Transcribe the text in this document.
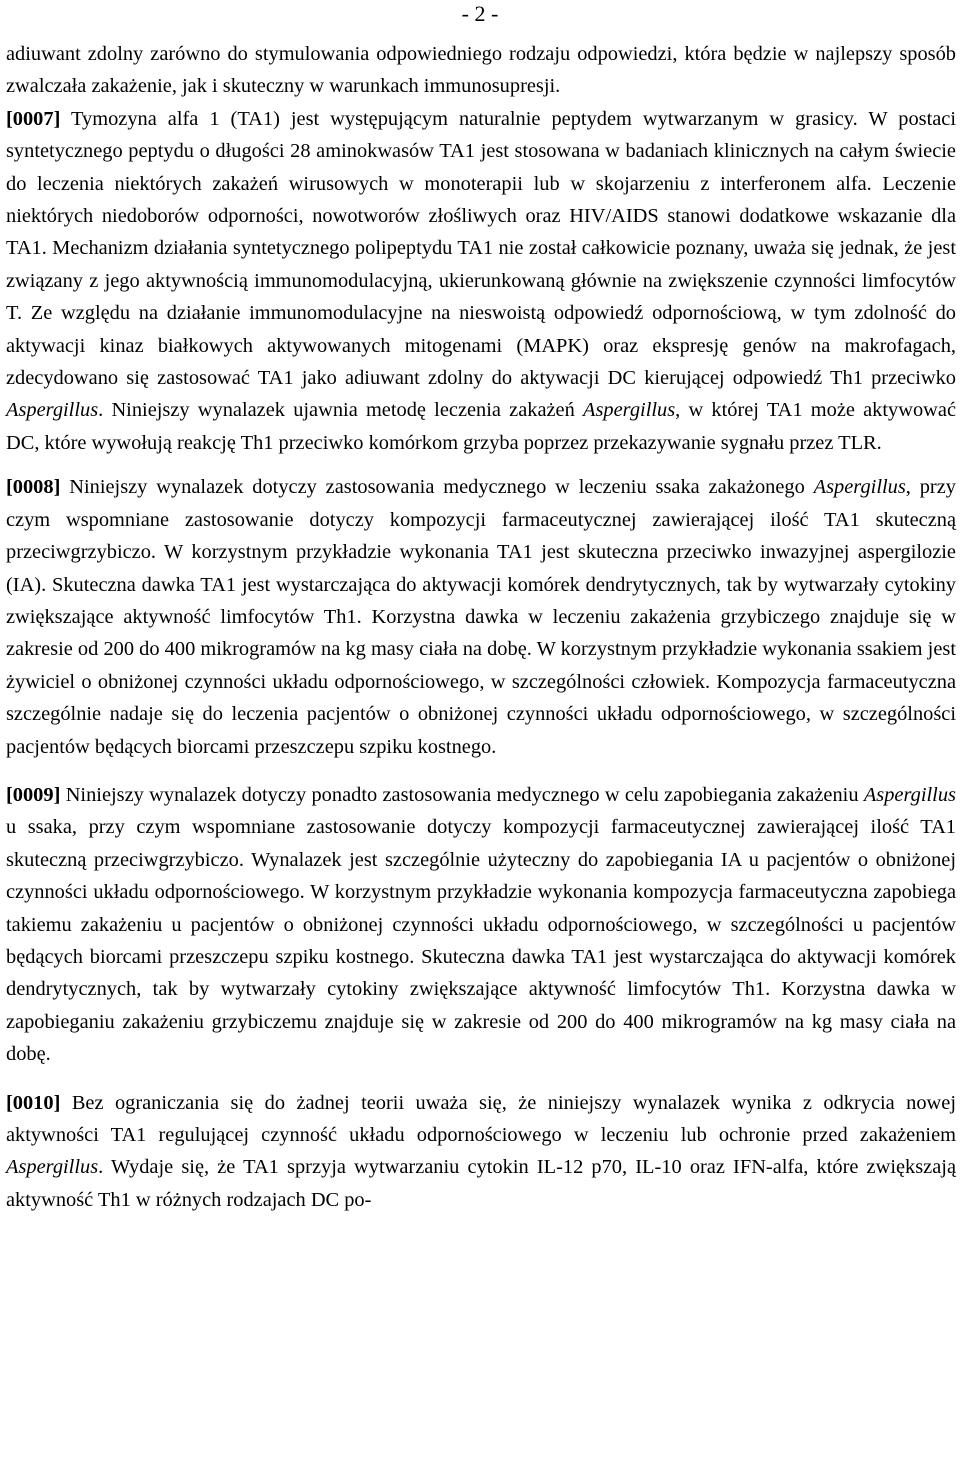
- 2 -

adiuwant zdolny zarówno do stymulowania odpowiedniego rodzaju odpowiedzi, która będzie w najlepszy sposób zwalczała zakażenie, jak i skuteczny w warunkach immunosupresji.

[0007] Tymozyna alfa 1 (TA1) jest występującym naturalnie peptydem wytwarzanym w grasicy. W postaci syntetycznego peptydu o długości 28 aminokwasów TA1 jest stosowana w badaniach klinicznych na całym świecie do leczenia niektórych zakażeń wirusowych w monoterapii lub w skojarzeniu z interferonem alfa. Leczenie niektórych niedoborów odporności, nowotworów złośliwych oraz HIV/AIDS stanowi dodatkowe wskazanie dla TA1. Mechanizm działania syntetycznego polipeptydu TA1 nie został całkowicie poznany, uważa się jednak, że jest związany z jego aktywnością immunomodulacyjną, ukierunkowaną głównie na zwiększenie czynności limfocytów T. Ze względu na działanie immunomodulacyjne na nieswoistą odpowiedź odpornościową, w tym zdolność do aktywacji kinaz białkowych aktywowanych mitogenami (MAPK) oraz ekspresję genów na makrofagach, zdecydowano się zastosować TA1 jako adiuwant zdolny do aktywacji DC kierującej odpowiedź Th1 przeciwko Aspergillus. Niniejszy wynalazek ujawnia metodę leczenia zakażeń Aspergillus, w której TA1 może aktywować DC, które wywołują reakcję Th1 przeciwko komórkom grzyba poprzez przekazywanie sygnału przez TLR.

[0008] Niniejszy wynalazek dotyczy zastosowania medycznego w leczeniu ssaka zakażonego Aspergillus, przy czym wspomniane zastosowanie dotyczy kompozycji farmaceutycznej zawierającej ilość TA1 skuteczną przeciwgrzybiczo. W korzystnym przykładzie wykonania TA1 jest skuteczna przeciwko inwazyjnej aspergilozie (IA). Skuteczna dawka TA1 jest wystarczająca do aktywacji komórek dendrytycznych, tak by wytwarzały cytokiny zwiększające aktywność limfocytów Th1. Korzystna dawka w leczeniu zakażenia grzybiczego znajduje się w zakresie od 200 do 400 mikrogramów na kg masy ciała na dobę. W korzystnym przykładzie wykonania ssakiem jest żywiciel o obniżonej czynności układu odpornościowego, w szczególności człowiek. Kompozycja farmaceutyczna szczególnie nadaje się do leczenia pacjentów o obniżonej czynności układu odpornościowego, w szczególności pacjentów będących biorcami przeszczepu szpiku kostnego.

[0009] Niniejszy wynalazek dotyczy ponadto zastosowania medycznego w celu zapobiegania zakażeniu Aspergillus u ssaka, przy czym wspomniane zastosowanie dotyczy kompozycji farmaceutycznej zawierającej ilość TA1 skuteczną przeciwgrzybiczo. Wynalazek jest szczególnie użyteczny do zapobiegania IA u pacjentów o obniżonej czynności układu odpornościowego. W korzystnym przykładzie wykonania kompozycja farmaceutyczna zapobiega takiemu zakażeniu u pacjentów o obniżonej czynności układu odpornościowego, w szczególności u pacjentów będących biorcami przeszczepu szpiku kostnego. Skuteczna dawka TA1 jest wystarczająca do aktywacji komórek dendrytycznych, tak by wytwarzały cytokiny zwiększające aktywność limfocytów Th1. Korzystna dawka w zapobieganiu zakażeniu grzybiczemu znajduje się w zakresie od 200 do 400 mikrogramów na kg masy ciała na dobę.

[0010] Bez ograniczania się do żadnej teorii uważa się, że niniejszy wynalazek wynika z odkrycia nowej aktywności TA1 regulującej czynność układu odpornościowego w leczeniu lub ochronie przed zakażeniem Aspergillus. Wydaje się, że TA1 sprzyja wytwarzaniu cytokin IL-12 p70, IL-10 oraz IFN-alfa, które zwiększają aktywność Th1 w różnych rodzajach DC po-
